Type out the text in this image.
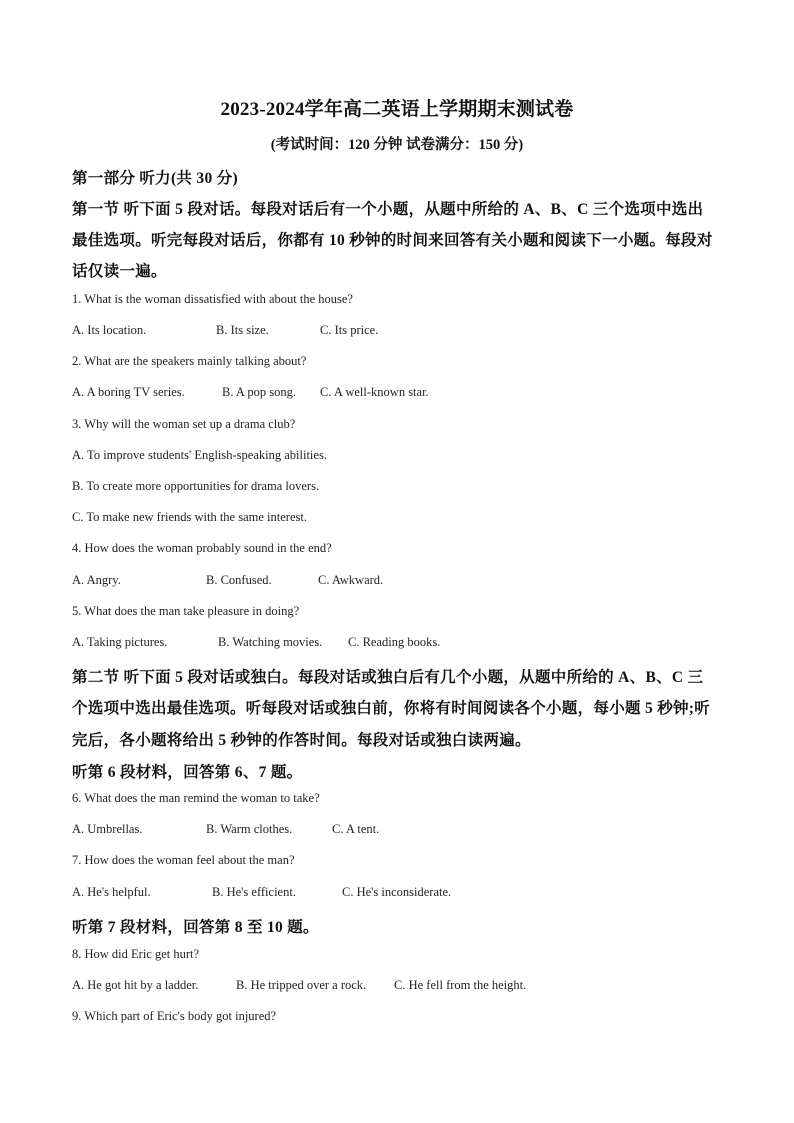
2023-2024学年高二英语上学期期末测试卷
(考试时间：120 分钟 试卷满分：150 分)
第一部分 听力(共 30 分)
第一节 听下面 5 段对话。每段对话后有一个小题，从题中所给的 A、B、C 三个选项中选出
最佳选项。听完每段对话后，你都有 10 秒钟的时间来回答有关小题和阅读下一小题。每段对
话仅读一遍。
1. What is the woman dissatisfied with about the house?
A. Its location.	B. Its size.	C. Its price.
2. What are the speakers mainly talking about?
A. A boring TV series.	B. A pop song. C. A well-known star.
3. Why will the woman set up a drama club?
A. To improve students' English-speaking abilities.
B. To create more opportunities for drama lovers.
C. To make new friends with the same interest.
4. How does the woman probably sound in the end?
A. Angry.	B. Confused.	C. Awkward.
5. What does the man take pleasure in doing?
A. Taking pictures.	B. Watching movies. C. Reading books.
第二节 听下面 5 段对话或独白。每段对话或独白后有几个小题，从题中所给的 A、B、C 三
个选项中选出最佳选项。听每段对话或独白前，你将有时间阅读各个小题，每小题 5 秒钟;听
完后，各小题将给出 5 秒钟的作答时间。每段对话或独白读两遍。
听第 6 段材料，回答第 6、7 题。
6. What does the man remind the woman to take?
A. Umbrellas.	B. Warm clothes.	C. A tent.
7. How does the woman feel about the man?
A. He's helpful.	B. He's efficient.	C. He's inconsiderate.
听第 7 段材料，回答第 8 至 10 题。
8. How did Eric get hurt?
A. He got hit by a ladder.	B. He tripped over a rock. C. He fell from the height.
9. Which part of Eric's body got injured?
